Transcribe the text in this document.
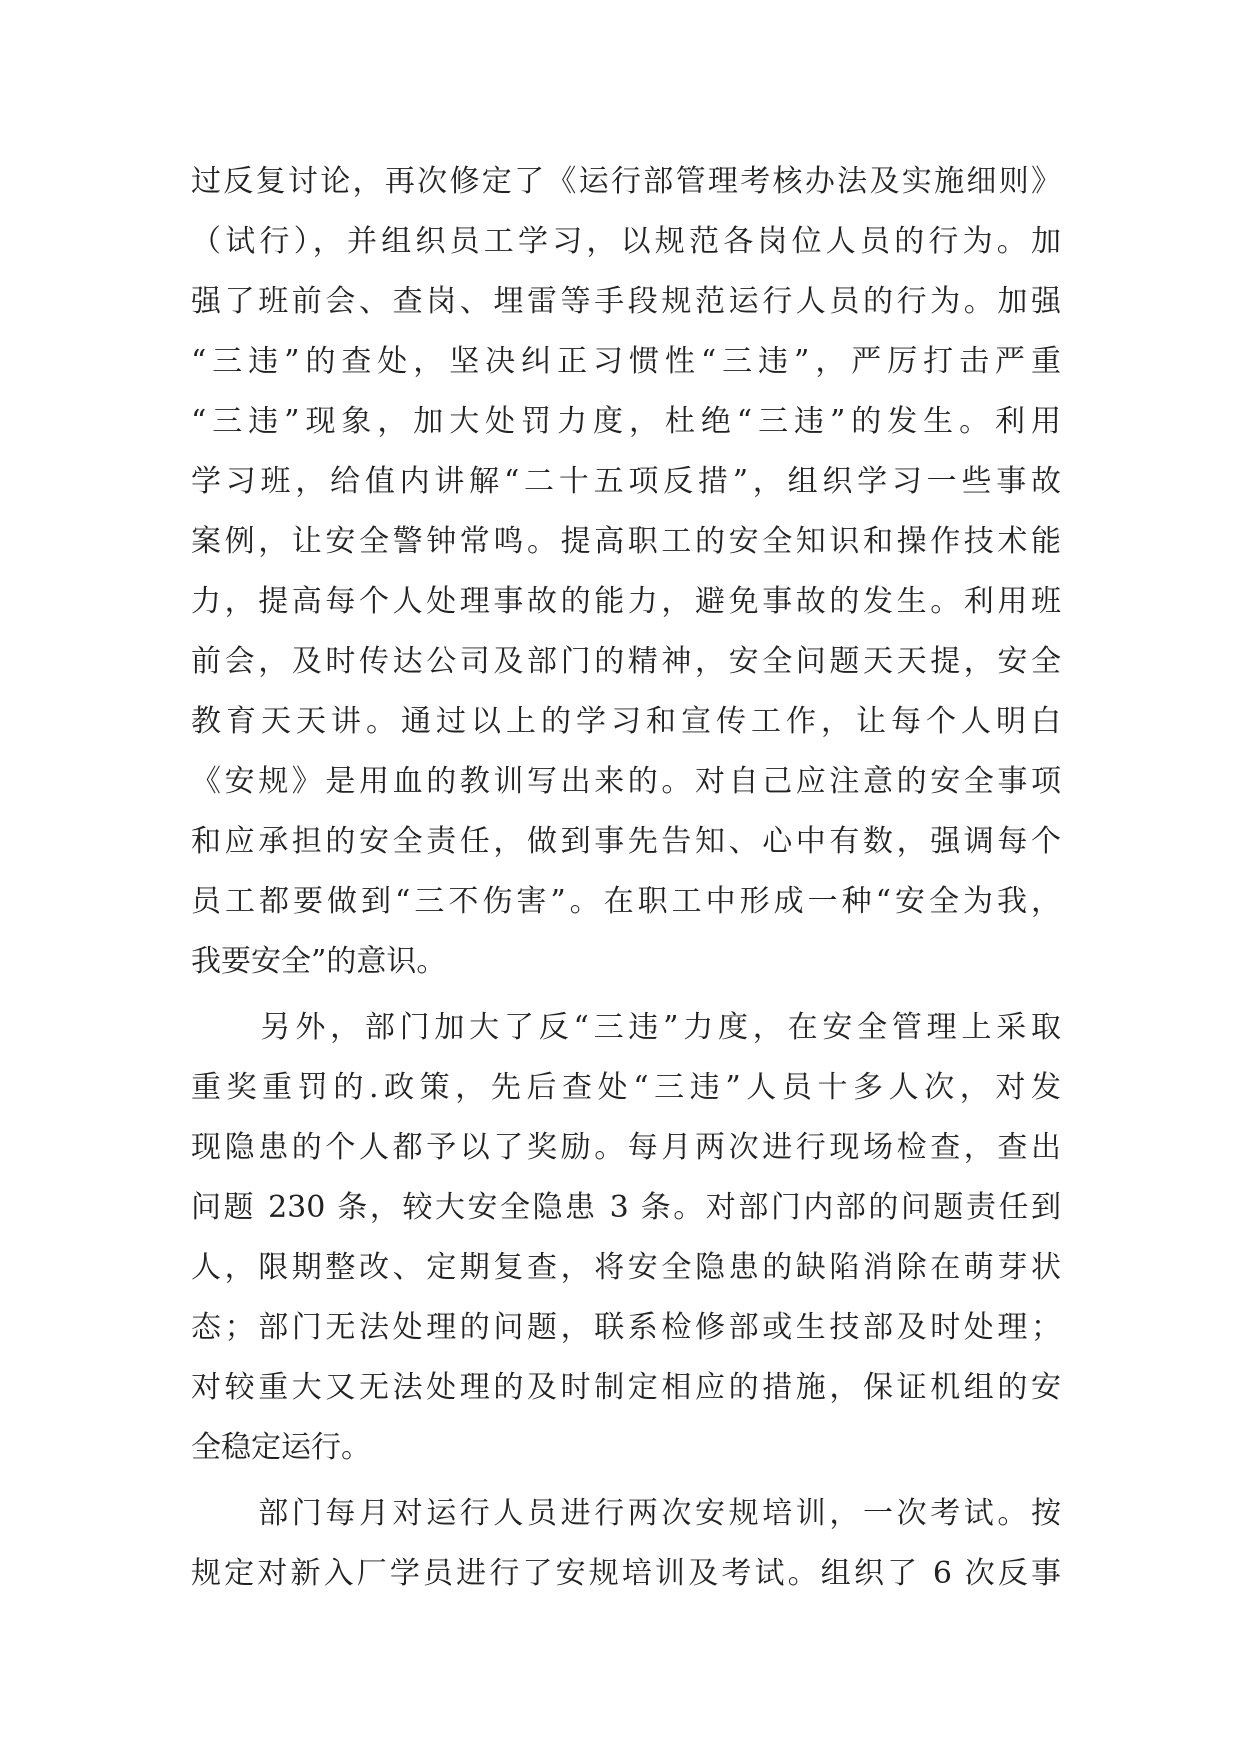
过反复讨论，再次修定了《运行部管理考核办法及实施细则》
（试行），并组织员工学习，以规范各岗位人员的行为。加
强了班前会、查岗、埋雷等手段规范运行人员的行为。加强
“三违”的查处，坚决纠正习惯性“三违”，严厉打击严重
“三违”现象，加大处罚力度，杜绝“三违”的发生。利用
学习班，给值内讲解“二十五项反措”，组织学习一些事故
案例，让安全警钟常鸣。提高职工的安全知识和操作技术能
力，提高每个人处理事故的能力，避免事故的发生。利用班
前会，及时传达公司及部门的精神，安全问题天天提，安全
教育天天讲。通过以上的学习和宣传工作，让每个人明白
《安规》是用血的教训写出来的。对自己应注意的安全事项
和应承担的安全责任，做到事先告知、心中有数，强调每个
员工都要做到“三不伤害”。在职工中形成一种“安全为我，
我要安全”的意识。
　　另外，部门加大了反“三违”力度，在安全管理上采取
重奖重罚的.政策，先后查处“三违”人员十多人次，对发
现隐患的个人都予以了奖励。每月两次进行现场检查，查出
问题 230 条，较大安全隐患 3 条。对部门内部的问题责任到
人，限期整改、定期复查，将安全隐患的缺陷消除在萌芽状
态；部门无法处理的问题，联系检修部或生技部及时处理；
对较重大又无法处理的及时制定相应的措施，保证机组的安
全稳定运行。
　　部门每月对运行人员进行两次安规培训，一次考试。按
规定对新入厂学员进行了安规培训及考试。组织了 6 次反事
